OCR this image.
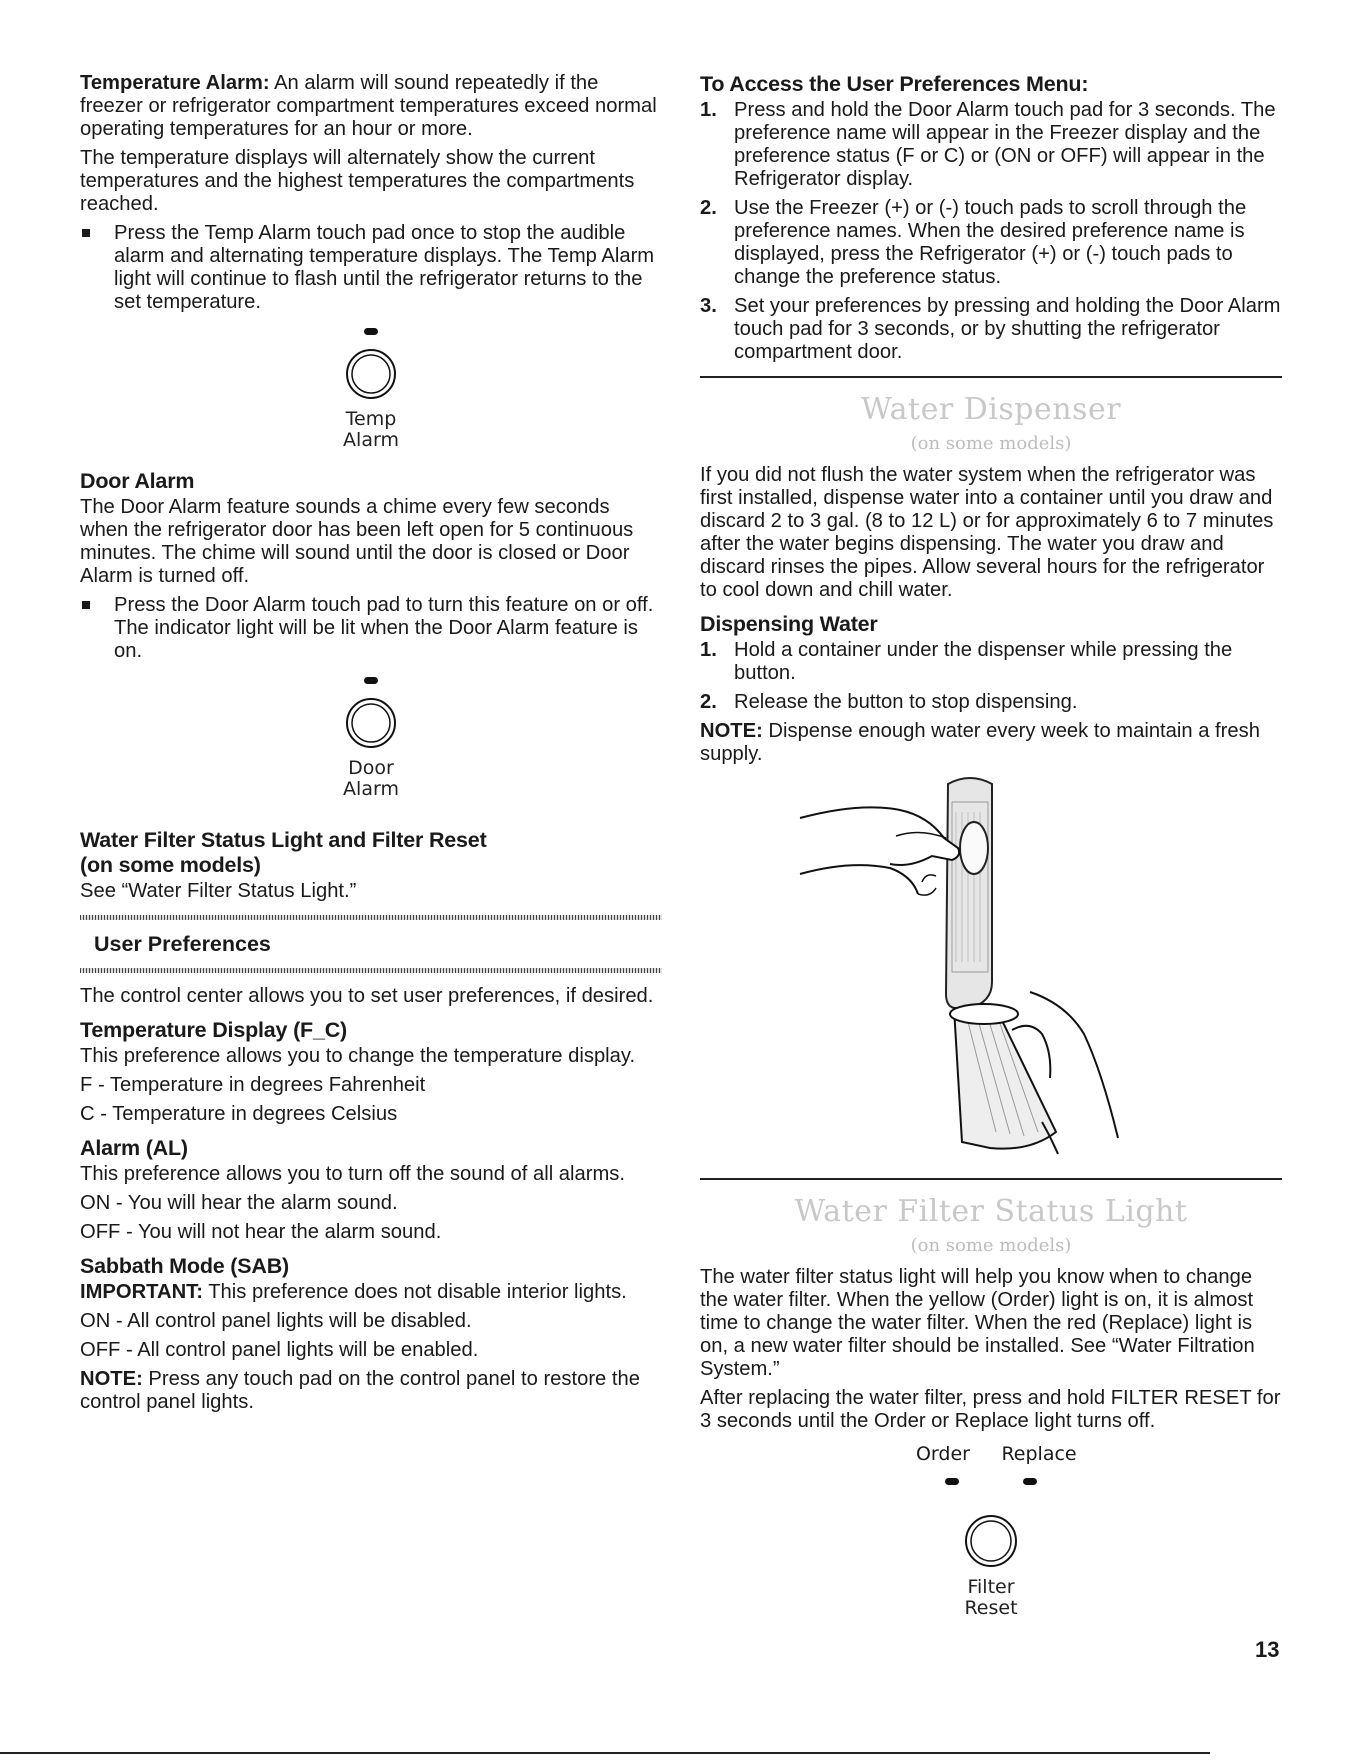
Temperature Alarm: An alarm will sound repeatedly if the freezer or refrigerator compartment temperatures exceed normal operating temperatures for an hour or more.

The temperature displays will alternately show the current temperatures and the highest temperatures the compartments reached.

Press the Temp Alarm touch pad once to stop the audible alarm and alternating temperature displays. The Temp Alarm light will continue to flash until the refrigerator returns to the set temperature.
Temp
Alarm
Door Alarm

The Door Alarm feature sounds a chime every few seconds when the refrigerator door has been left open for 5 continuous minutes. The chime will sound until the door is closed or Door Alarm is turned off.

Press the Door Alarm touch pad to turn this feature on or off. The indicator light will be lit when the Door Alarm feature is on.
Door
Alarm
Water Filter Status Light and Filter Reset
(on some models)

See “Water Filter Status Light.”

User Preferences

The control center allows you to set user preferences, if desired.

Temperature Display (F_C)

This preference allows you to change the temperature display.

F - Temperature in degrees Fahrenheit

C - Temperature in degrees Celsius

Alarm (AL)

This preference allows you to turn off the sound of all alarms.

ON - You will hear the alarm sound.

OFF - You will not hear the alarm sound.

Sabbath Mode (SAB)

IMPORTANT: This preference does not disable interior lights.

ON - All control panel lights will be disabled.

OFF - All control panel lights will be enabled.

NOTE: Press any touch pad on the control panel to restore the control panel lights.

To Access the User Preferences Menu:
1. Press and hold the Door Alarm touch pad for 3 seconds. The preference name will appear in the Freezer display and the preference status (F or C) or (ON or OFF) will appear in the Refrigerator display.
2. Use the Freezer (+) or (-) touch pads to scroll through the preference names. When the desired preference name is displayed, press the Refrigerator (+) or (-) touch pads to change the preference status.
3. Set your preferences by pressing and holding the Door Alarm touch pad for 3 seconds, or by shutting the refrigerator compartment door.
Water Dispenser
(on some models)

If you did not flush the water system when the refrigerator was first installed, dispense water into a container until you draw and discard 2 to 3 gal. (8 to 12 L) or for approximately 6 to 7 minutes after the water begins dispensing. The water you draw and discard rinses the pipes. Allow several hours for the refrigerator to cool down and chill water.

Dispensing Water
1. Hold a container under the dispenser while pressing the button.
2. Release the button to stop dispensing.

NOTE: Dispense enough water every week to maintain a fresh supply.

Water Filter Status Light
(on some models)

The water filter status light will help you know when to change the water filter. When the yellow (Order) light is on, it is almost time to change the water filter. When the red (Replace) light is on, a new water filter should be installed. See “Water Filtration System.”

After replacing the water filter, press and hold FILTER RESET for 3 seconds until the Order or Replace light turns off.

Order Replace
Filter
Reset
13
